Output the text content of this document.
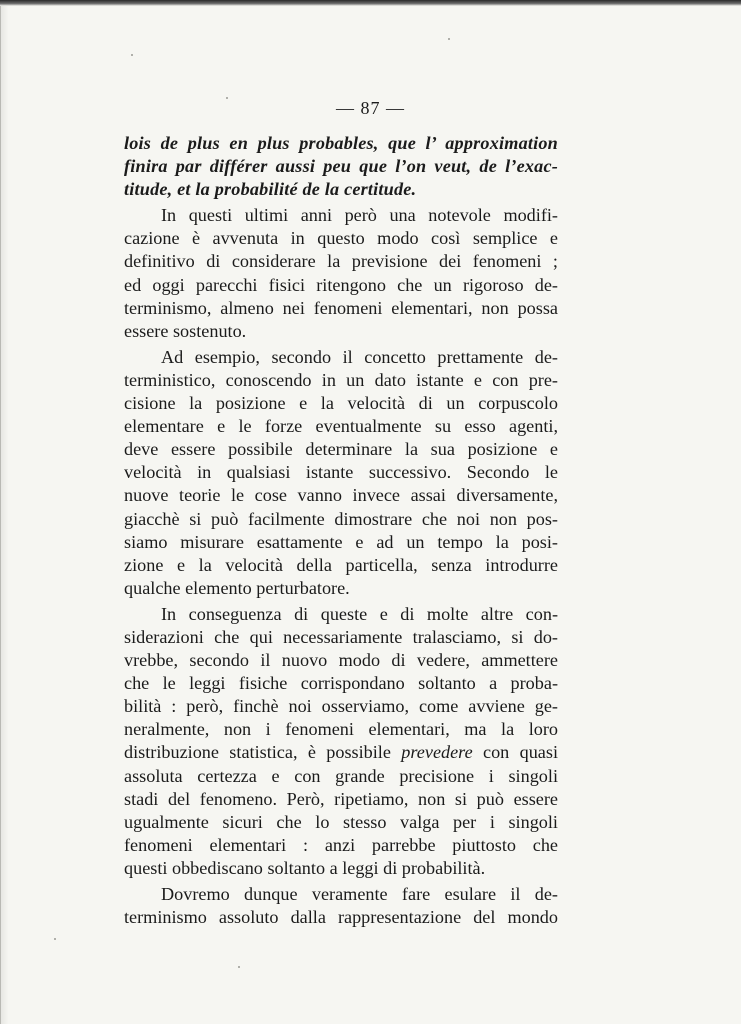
— 87 —

lois de plus en plus probables, que l’ approximation
finira par différer aussi peu que l’on veut, de l’exac-
titude, et la probabilité de la certitude.

In questi ultimi anni però una notevole modifi-
cazione è avvenuta in questo modo così semplice e
definitivo di considerare la previsione dei fenomeni ;
ed oggi parecchi fisici ritengono che un rigoroso de-
terminismo, almeno nei fenomeni elementari, non possa
essere sostenuto.

Ad esempio, secondo il concetto prettamente de-
terministico, conoscendo in un dato istante e con pre-
cisione la posizione e la velocità di un corpuscolo
elementare e le forze eventualmente su esso agenti,
deve essere possibile determinare la sua posizione e
velocità in qualsiasi istante successivo. Secondo le
nuove teorie le cose vanno invece assai diversamente,
giacchè si può facilmente dimostrare che noi non pos-
siamo misurare esattamente e ad un tempo la posi-
zione e la velocità della particella, senza introdurre
qualche elemento perturbatore.

In conseguenza di queste e di molte altre con-
siderazioni che qui necessariamente tralasciamo, si do-
vrebbe, secondo il nuovo modo di vedere, ammettere
che le leggi fisiche corrispondano soltanto a proba-
bilità : però, finchè noi osserviamo, come avviene ge-
neralmente, non i fenomeni elementari, ma la loro
distribuzione statistica, è possibile prevedere con quasi
assoluta certezza e con grande precisione i singoli
stadi del fenomeno. Però, ripetiamo, non si può essere
ugualmente sicuri che lo stesso valga per i singoli
fenomeni elementari : anzi parrebbe piuttosto che
questi obbediscano soltanto a leggi di probabilità.

Dovremo dunque veramente fare esulare il de-
terminismo assoluto dalla rappresentazione del mondo
